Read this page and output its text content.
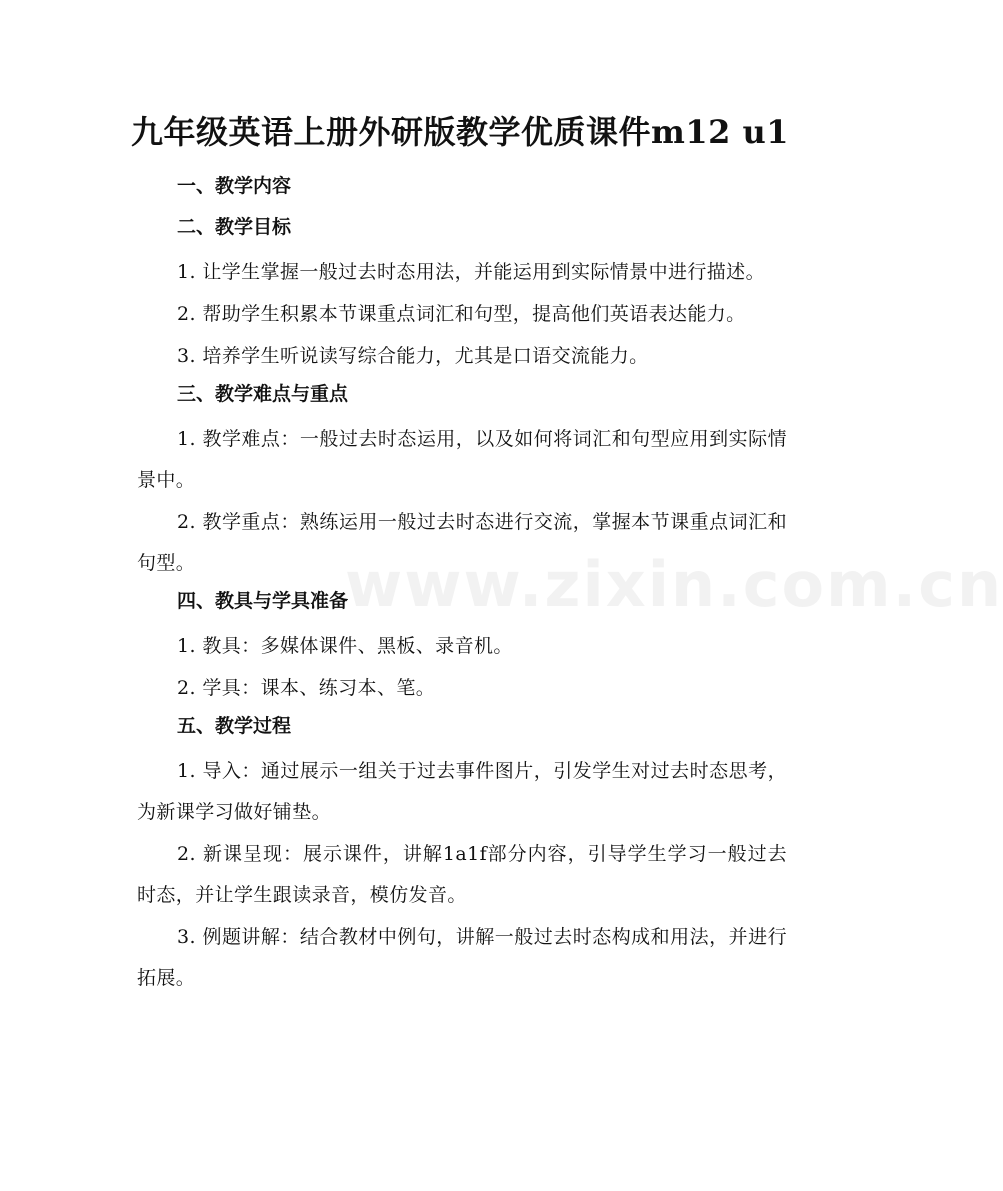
www.zixin.com.cn
九年级英语上册外研版教学优质课件m12 u1
一、教学内容
二、教学目标

1. 让学生掌握一般过去时态用法，并能运用到实际情景中进行描述。

2. 帮助学生积累本节课重点词汇和句型，提高他们英语表达能力。

3. 培养学生听说读写综合能力，尤其是口语交流能力。

三、教学难点与重点

1. 教学难点：一般过去时态运用，以及如何将词汇和句型应用到实际情景中。

2. 教学重点：熟练运用一般过去时态进行交流，掌握本节课重点词汇和句型。

四、教具与学具准备

1. 教具：多媒体课件、黑板、录音机。

2. 学具：课本、练习本、笔。

五、教学过程

1. 导入：通过展示一组关于过去事件图片，引发学生对过去时态思考，为新课学习做好铺垫。

2. 新课呈现：展示课件，讲解1a1f部分内容，引导学生学习一般过去时态，并让学生跟读录音，模仿发音。

3. 例题讲解：结合教材中例句，讲解一般过去时态构成和用法，并进行拓展。
